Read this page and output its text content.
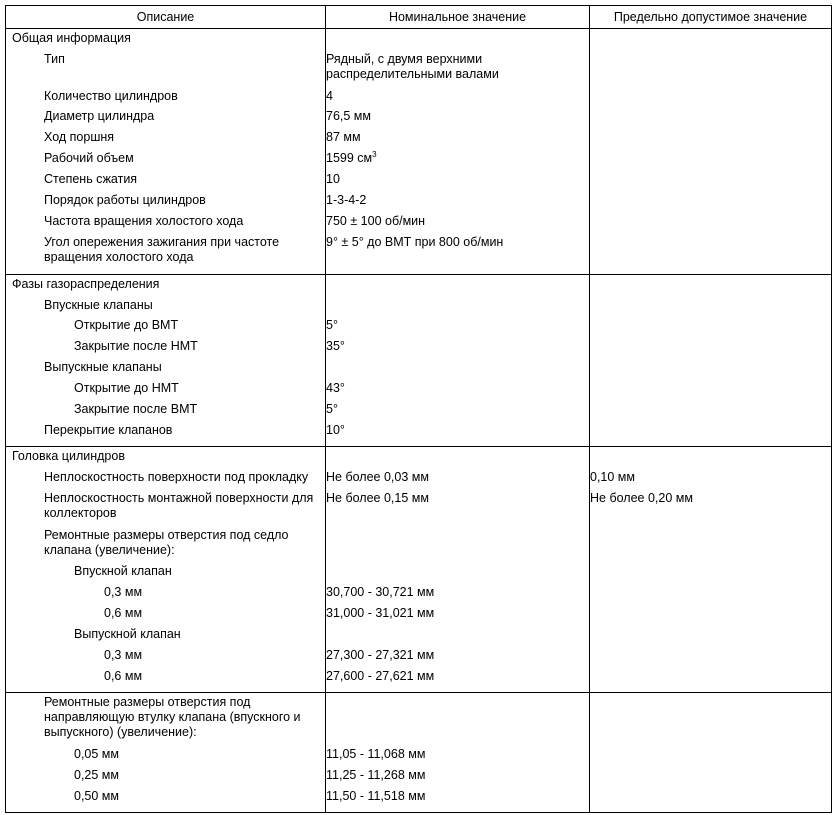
Описание	Номинальное значение	Предельно допустимое значение

Общая информация		

Тип	Рядный, с двумя верхними распределительными валами	

Количество цилиндров	4	

Диаметр цилиндра	76,5 мм	

Ход поршня	87 мм	

Рабочий объем	1599 $см^3$

Степень сжатия	10	

Порядок работы цилиндров	1-3-4-2	

Частота вращения холостого хода	750 ± 100 об/мин	

Угол опережения зажигания при частоте вращения холостого хода	9° ± 5° до ВМТ при 800 об/мин	

Фазы газораспределения		

Впускные клапаны		

Открытие до ВМТ	5°	

Закрытие после НМТ	35°	

Выпускные клапаны		

Открытие до НМТ	43°	

Закрытие после ВМТ	5°	

Перекрытие клапанов	10°	

Головка цилиндров		

Неплоскостность поверхности под прокладку	Не более 0,03 мм	0,10 мм

Неплоскостность монтажной поверхности для коллекторов	Не более 0,15 мм	Не более 0,20 мм

Ремонтные размеры отверстия под седло клапана (увеличение):		

Впускной клапан		

0,3 мм	30,700 - 30,721 мм	

0,6 мм	31,000 - 31,021 мм	

Выпускной клапан		

0,3 мм	27,300 - 27,321 мм	

0,6 мм	27,600 - 27,621 мм	

Ремонтные размеры отверстия под направляющую втулку клапана (впускного и выпускного) (увеличение):		

0,05 мм	11,05 - 11,068 мм	

0,25 мм	11,25 - 11,268 мм	

0,50 мм	11,50 - 11,518 мм	
